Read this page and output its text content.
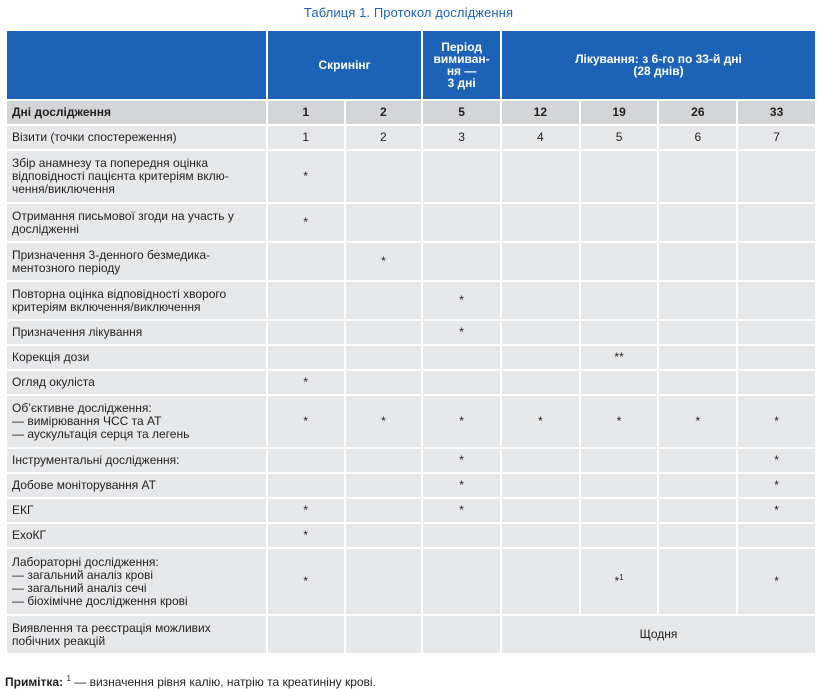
Таблиця 1. Протокол дослідження
	Скринінг		Період
вимиван-
ня —
3 дні	Лікування: з 6-го по 33-й дні
(28 днів)			
Дні дослідження	1	2	5	12	19	26	33
Візити (точки спостереження)	1	2	3	4	5	6	7
Збір анамнезу та попередня оцінка відповідності пацієнта критеріям вклю-чення/виключення	*						
Отримання письмової згоди на участь у дослідженні	*						
Призначення 3-денного безмедика-ментозного періоду		*					
Повторна оцінка відповідності хворого критеріям включення/виключення			*				
Призначення лікування			*				
Корекція дози					**		
Огляд окуліста	*						
Об’єктивне дослідження:
— вимірювання ЧСС та АТ
— аускультація серця та легень	*	*	*	*	*	*	*
Інструментальні дослідження:			*				*
Добове моніторування АТ			*				*
ЕКГ	*		*				*
ЕхоКГ	*						
Лабораторні дослідження:
— загальний аналіз крові
— загальний аналіз сечі
— біохімічне дослідження крові	*				*$^1$		*
Виявлення та реєстрація можливих побічних реакцій				Щодня			
Примітка: $^1$ — визначення рівня калію, натрію та креатиніну крові.
